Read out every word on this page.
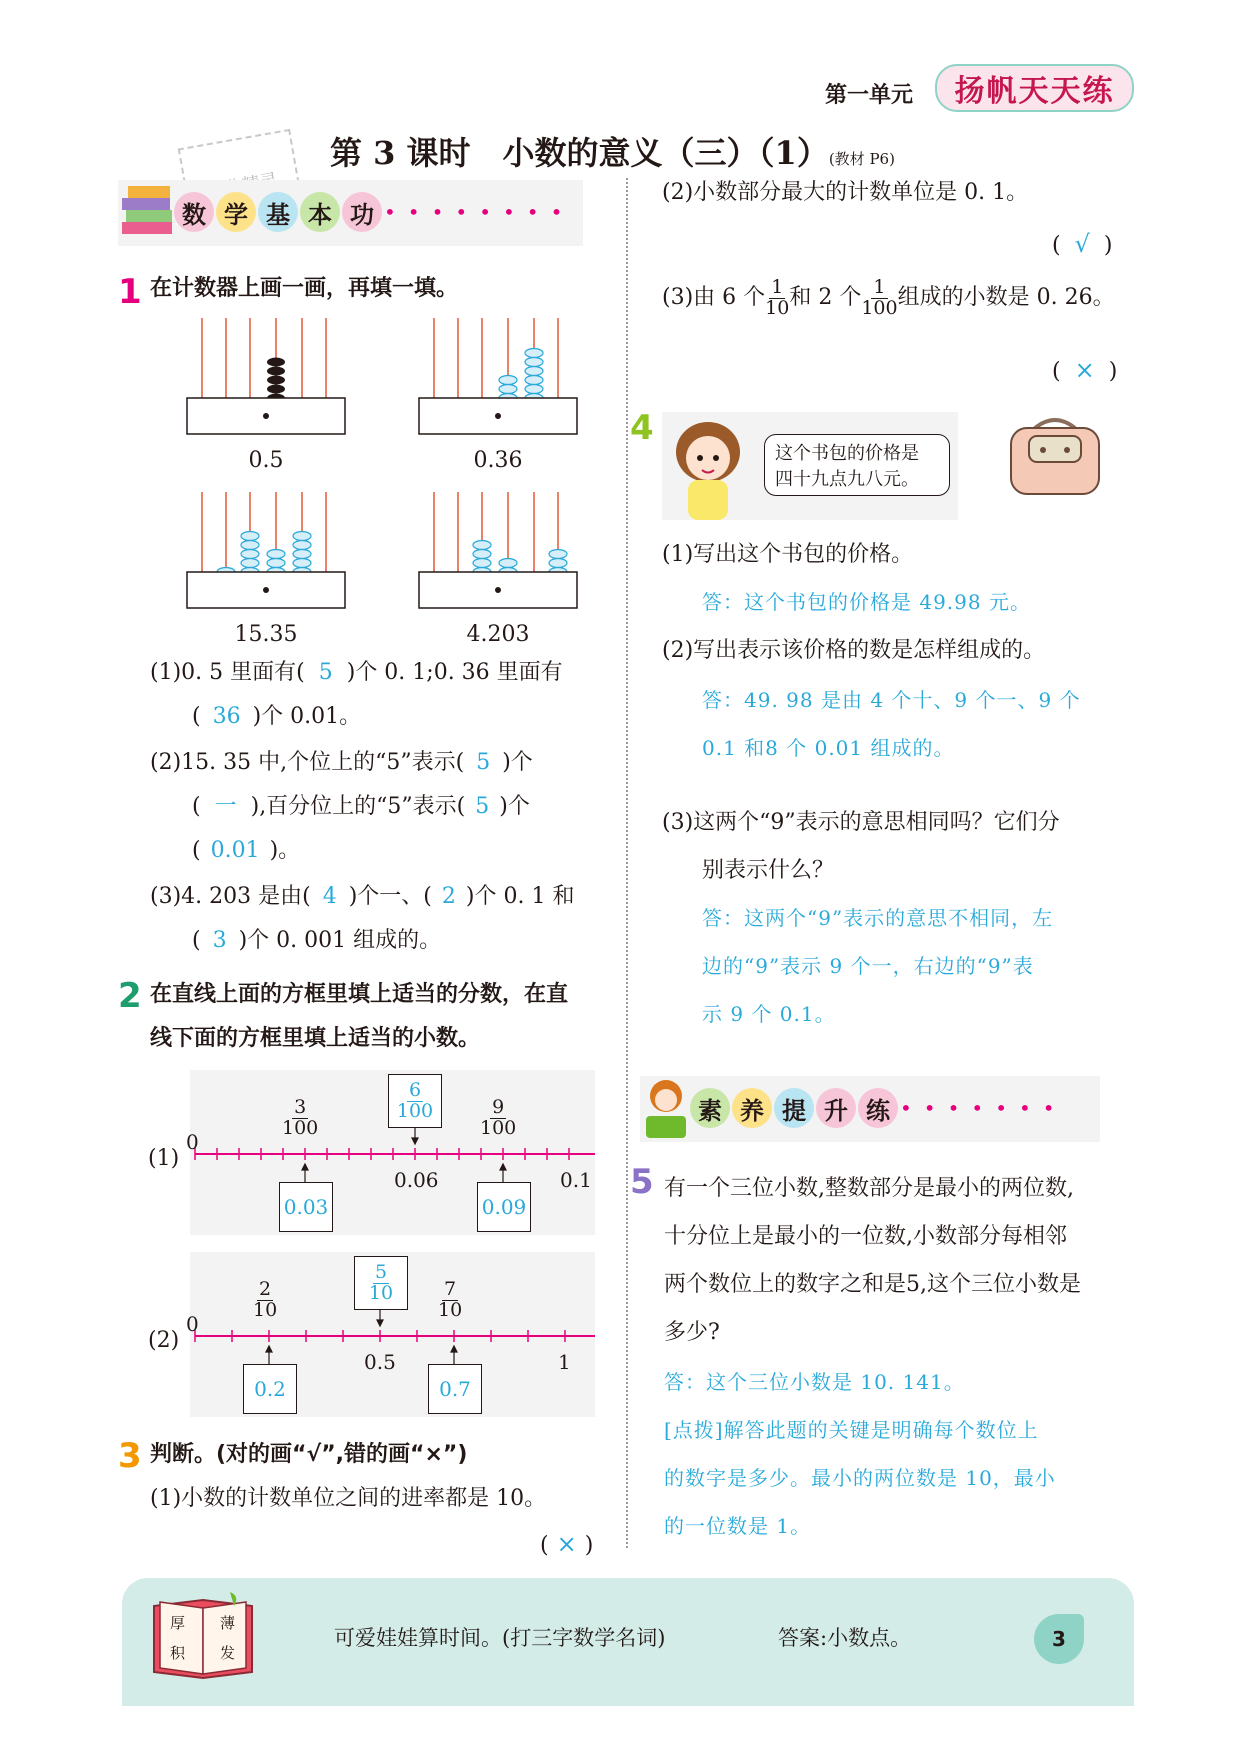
第一单元 扬帆天天练
第 3 课时　小数的意义（三）（1）(教材 P6)
数 学 基 本 功 ••••••••
1 在计数器上画一画，再填一填。
0.5	0.36
15.35	4.203
(1)0. 5 里面有( 5 )个 0. 1;0. 36 里面有
( 36 )个 0.01。
(2)15. 35 中,个位上的“5”表示( 5 )个
( 一 ),百分位上的“5”表示( 5 )个
( 0.01 )。
(3)4. 203 是由( 4 )个一、( 2 )个 0. 1 和
( 3 )个 0. 001 组成的。
2 在直线上面的方框里填上适当的分数，在直
线下面的方框里填上适当的小数。
(1)
0
0.06	0.1
$\frac{3}{100}$	$\frac{6}{100} \frac{9}{100}$
0.03	0.09
(2)
0
0.5	1
$\frac{2}{10}$	$\frac{5}{10} \frac{7}{10}$
0.2	0.7
3 判断。(对的画“√”,错的画“×”)
(1)小数的计数单位之间的进率都是 10。
( × )
(2)小数部分最大的计数单位是 0. 1。
( √ )
(3)由 6 个 $\frac{1}{10}$ 和 2 个 $\frac{1}{100}$ 组成的小数是 0. 26。
( × )
4
这个书包的价格是
四十九点九八元。
(1)写出这个书包的价格。
答：这个书包的价格是 49.98 元。
(2)写出表示该价格的数是怎样组成的。
答：49. 98 是由 4 个十、9 个一、9 个
0.1 和8 个 0.01 组成的。
(3)这两个“9”表示的意思相同吗？它们分
别表示什么？
答：这两个“9”表示的意思不相同，左
边的“9”表示 9 个一，右边的“9”表
示 9 个 0.1。
素 养 提 升 练 •••••••
5 有一个三位小数,整数部分是最小的两位数,
十分位上是最小的一位数,小数部分每相邻
两个数位上的数字之和是5,这个三位小数是
多少?
答：这个三位小数是 10. 141。
[点拨]解答此题的关键是明确每个数位上
的数字是多少。最小的两位数是 10，最小
的一位数是 1。
厚 薄
积 发
可爱娃娃算时间。(打三字数学名词)	答案:小数点。	3
